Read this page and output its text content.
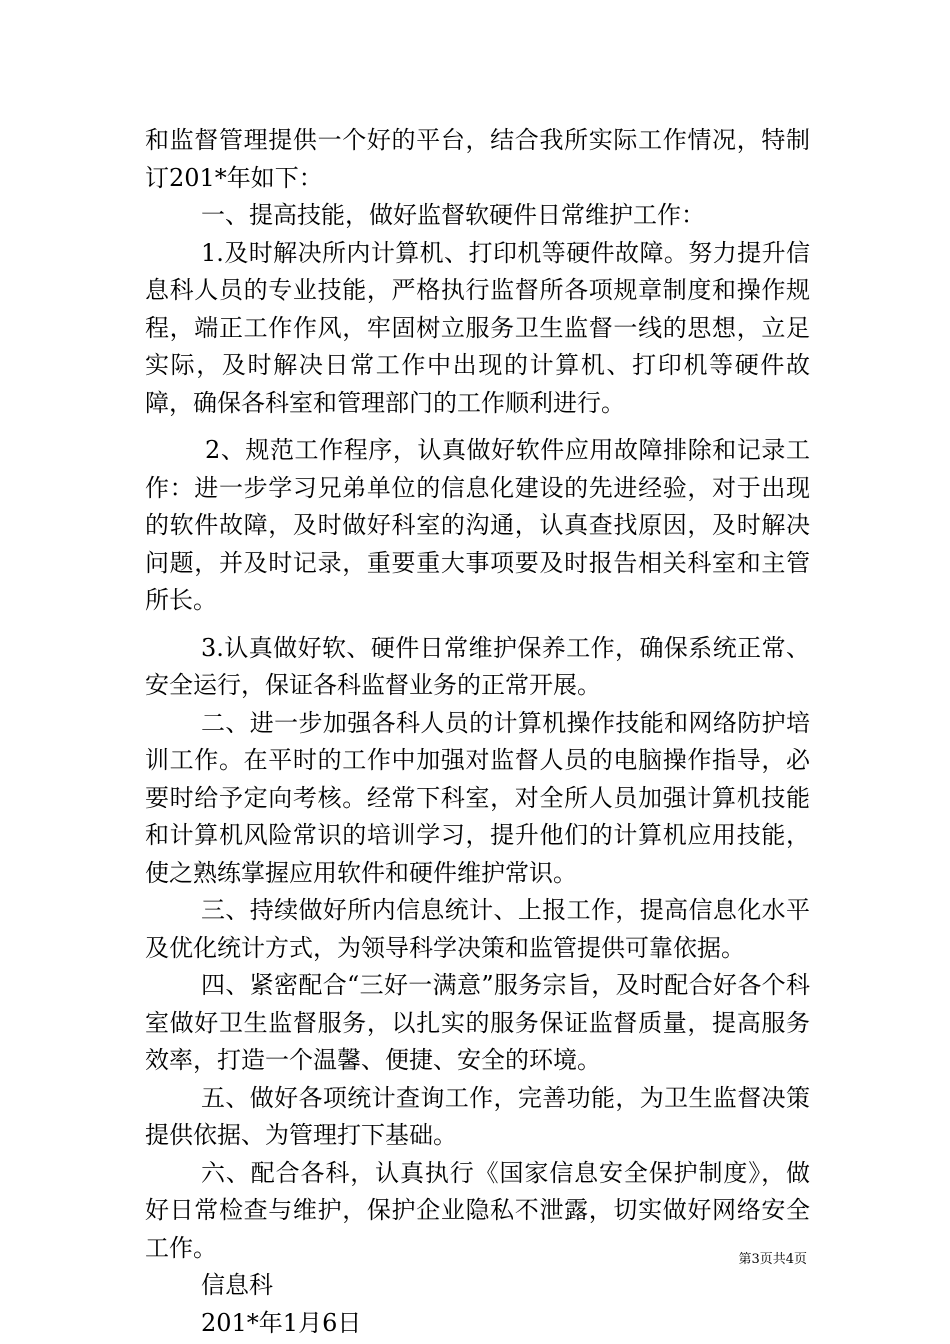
和监督管理提供一个好的平台，结合我所实际工作情况，特制订201*年如下：

一、提高技能，做好监督软硬件日常维护工作：

1.及时解决所内计算机、打印机等硬件故障。努力提升信息科人员的专业技能，严格执行监督所各项规章制度和操作规程，端正工作作风，牢固树立服务卫生监督一线的思想，立足实际，及时解决日常工作中出现的计算机、打印机等硬件故障，确保各科室和管理部门的工作顺利进行。

2、规范工作程序，认真做好软件应用故障排除和记录工作：进一步学习兄弟单位的信息化建设的先进经验，对于出现的软件故障，及时做好科室的沟通，认真查找原因，及时解决问题，并及时记录，重要重大事项要及时报告相关科室和主管所长。

3.认真做好软、硬件日常维护保养工作，确保系统正常、安全运行，保证各科监督业务的正常开展。

二、进一步加强各科人员的计算机操作技能和网络防护培训工作。在平时的工作中加强对监督人员的电脑操作指导，必要时给予定向考核。经常下科室，对全所人员加强计算机技能和计算机风险常识的培训学习，提升他们的计算机应用技能，使之熟练掌握应用软件和硬件维护常识。

三、持续做好所内信息统计、上报工作，提高信息化水平及优化统计方式，为领导科学决策和监管提供可靠依据。

四、紧密配合“三好一满意”服务宗旨，及时配合好各个科室做好卫生监督服务，以扎实的服务保证监督质量，提高服务效率，打造一个温馨、便捷、安全的环境。

五、做好各项统计查询工作，完善功能，为卫生监督决策提供依据、为管理打下基础。

六、配合各科，认真执行《国家信息安全保护制度》，做好日常检查与维护，保护企业隐私不泄露，切实做好网络安全工作。

信息科

201*年1月6日

第3页共4页
